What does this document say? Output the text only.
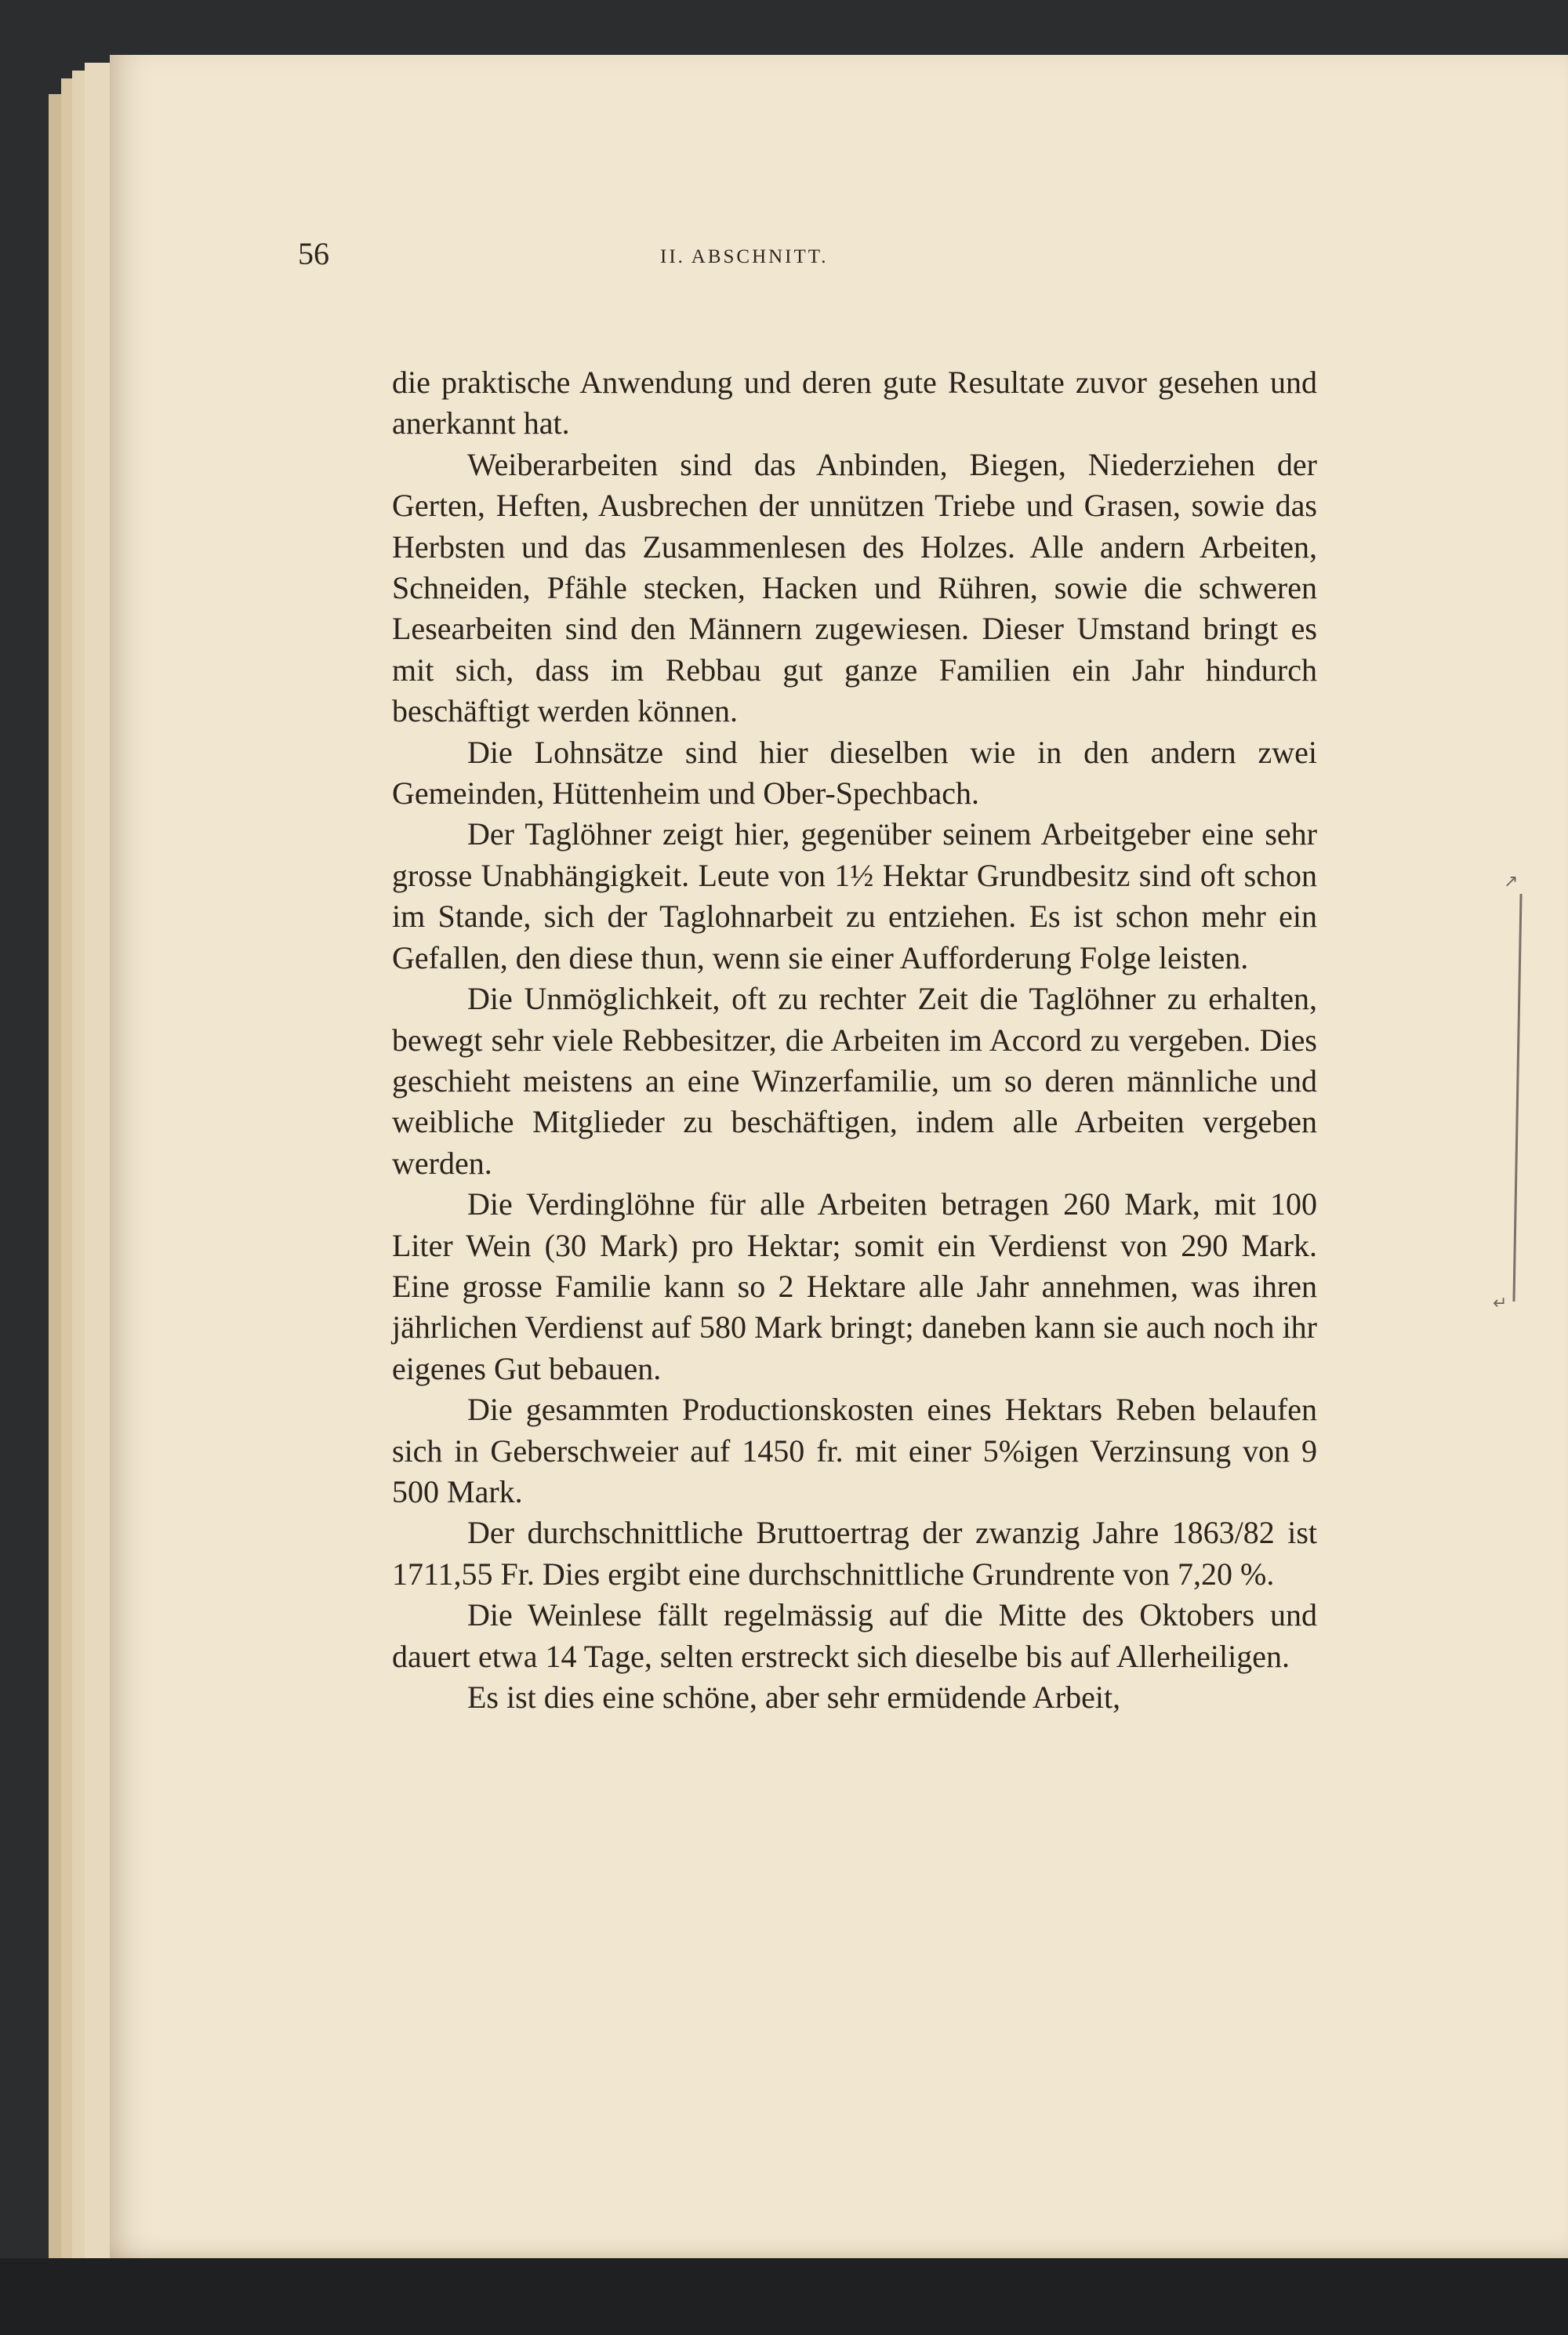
56	II. ABSCHNITT.

die praktische Anwendung und deren gute Resultate zuvor gesehen und anerkannt hat.

Weiberarbeiten sind das Anbinden, Biegen, Niederziehen der Gerten, Heften, Ausbrechen der unnützen Triebe und Grasen, sowie das Herbsten und das Zusammenlesen des Holzes. Alle andern Arbeiten, Schneiden, Pfähle stecken, Hacken und Rühren, sowie die schweren Lesearbeiten sind den Männern zugewiesen. Dieser Umstand bringt es mit sich, dass im Rebbau gut ganze Familien ein Jahr hindurch beschäftigt werden können.

Die Lohnsätze sind hier dieselben wie in den andern zwei Gemeinden, Hüttenheim und Ober-Spechbach.

Der Taglöhner zeigt hier, gegenüber seinem Arbeitgeber eine sehr grosse Unabhängigkeit. Leute von 1½ Hektar Grundbesitz sind oft schon im Stande, sich der Taglohnarbeit zu entziehen. Es ist schon mehr ein Gefallen, den diese thun, wenn sie einer Aufforderung Folge leisten.

Die Unmöglichkeit, oft zu rechter Zeit die Taglöhner zu erhalten, bewegt sehr viele Rebbesitzer, die Arbeiten im Accord zu vergeben. Dies geschieht meistens an eine Winzerfamilie, um so deren männliche und weibliche Mitglieder zu beschäftigen, indem alle Arbeiten vergeben werden.

Die Verdinglöhne für alle Arbeiten betragen 260 Mark, mit 100 Liter Wein (30 Mark) pro Hektar; somit ein Verdienst von 290 Mark. Eine grosse Familie kann so 2 Hektare alle Jahr annehmen, was ihren jährlichen Verdienst auf 580 Mark bringt; daneben kann sie auch noch ihr eigenes Gut bebauen.

Die gesammten Productionskosten eines Hektars Reben belaufen sich in Geberschweier auf 1450 fr. mit einer 5%igen Verzinsung von 9 500 Mark.

Der durchschnittliche Bruttoertrag der zwanzig Jahre 1863/82 ist 1711,55 Fr. Dies ergibt eine durchschnittliche Grundrente von 7,20 %.

Die Weinlese fällt regelmässig auf die Mitte des Oktobers und dauert etwa 14 Tage, selten erstreckt sich dieselbe bis auf Allerheiligen.

Es ist dies eine schöne, aber sehr ermüdende Arbeit,

↗
↵
